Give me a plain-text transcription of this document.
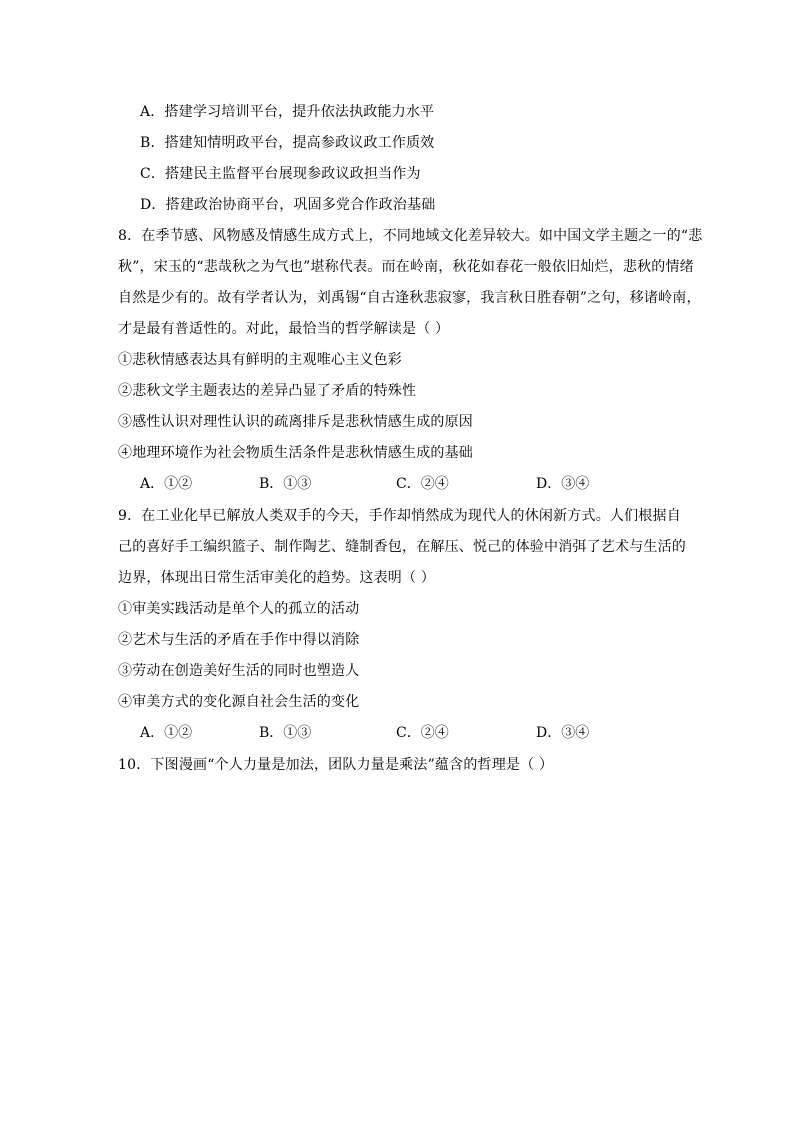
A．搭建学习培训平台，提升依法执政能力水平
B．搭建知情明政平台，提高参政议政工作质效
C．搭建民主监督平台展现参政议政担当作为
D．搭建政治协商平台，巩固多党合作政治基础
8．在季节感、风物感及情感生成方式上，不同地域文化差异较大。如中国文学主题之一的“悲
秋”，宋玉的“悲哉秋之为气也”堪称代表。而在岭南，秋花如春花一般依旧灿烂，悲秋的情绪
自然是少有的。故有学者认为，刘禹锡“自古逢秋悲寂寥，我言秋日胜春朝”之句，移诸岭南，
才是最有普适性的。对此，最恰当的哲学解读是（ ）
①悲秋情感表达具有鲜明的主观唯心主义色彩
②悲秋文学主题表达的差异凸显了矛盾的特殊性
③感性认识对理性认识的疏离排斥是悲秋情感生成的原因
④地理环境作为社会物质生活条件是悲秋情感生成的基础
A．①②	B．①③	C．②④	D．③④
9．在工业化早已解放人类双手的今天，手作却悄然成为现代人的休闲新方式。人们根据自
己的喜好手工编织篮子、制作陶艺、缝制香包，在解压、悦己的体验中消弭了艺术与生活的
边界，体现出日常生活审美化的趋势。这表明（ ）
①审美实践活动是单个人的孤立的活动
②艺术与生活的矛盾在手作中得以消除
③劳动在创造美好生活的同时也塑造人
④审美方式的变化源自社会生活的变化
A．①②	B．①③	C．②④	D．③④
10．下图漫画“个人力量是加法，团队力量是乘法”蕴含的哲理是（ ）
